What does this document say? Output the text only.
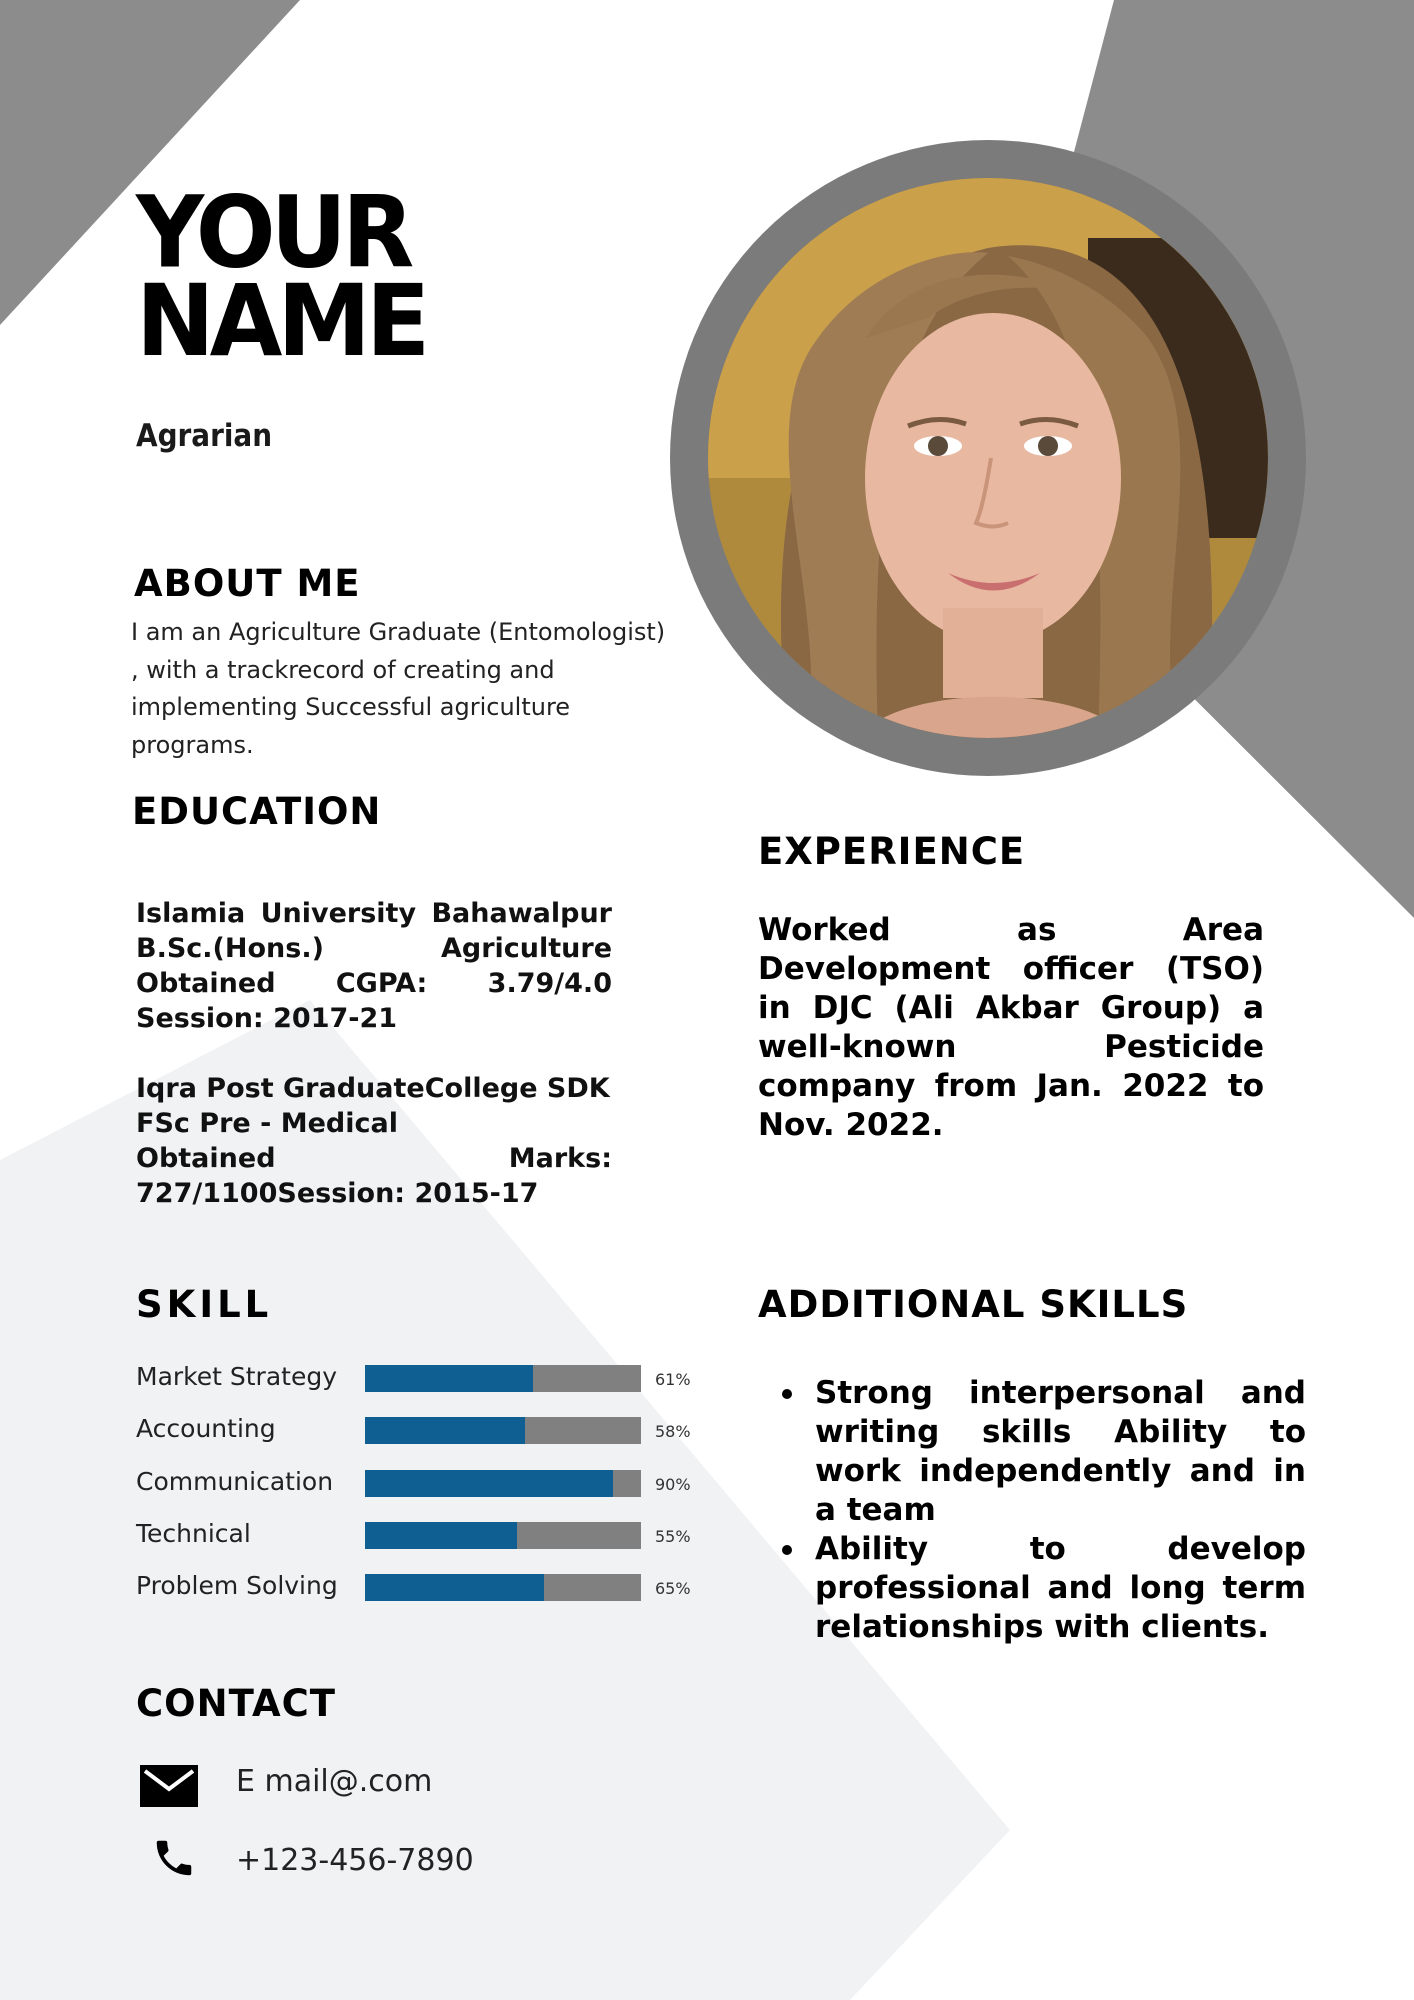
YOUR
NAME
Agrarian
ABOUT ME
I am an Agriculture Graduate (Entomologist)
, with a trackrecord of creating and
implementing Successful agriculture
programs.
EDUCATION
Islamia University Bahawalpur
B.Sc.(Hons.)	Agriculture
Obtained CGPA: 3.79/4.0
Session: 2017-21
Iqra Post GraduateCollege SDK
FSc Pre - Medical
Obtained	Marks:
727/1100Session: 2015-17
EXPERIENCE
Worked as Area Development officer (TSO) in DJC (Ali Akbar Group) a well-known Pesticide company from Jan. 2022 to Nov. 2022.
SKILL
Market Strategy	61%
Accounting	58%
Communication	90%
Technical	55%
Problem Solving	65%
ADDITIONAL SKILLS
Strong interpersonal and writing skills Ability to work independently and in a team
Ability to develop professional and long term relationships with clients.
CONTACT
E mail@.com
+123-456-7890
